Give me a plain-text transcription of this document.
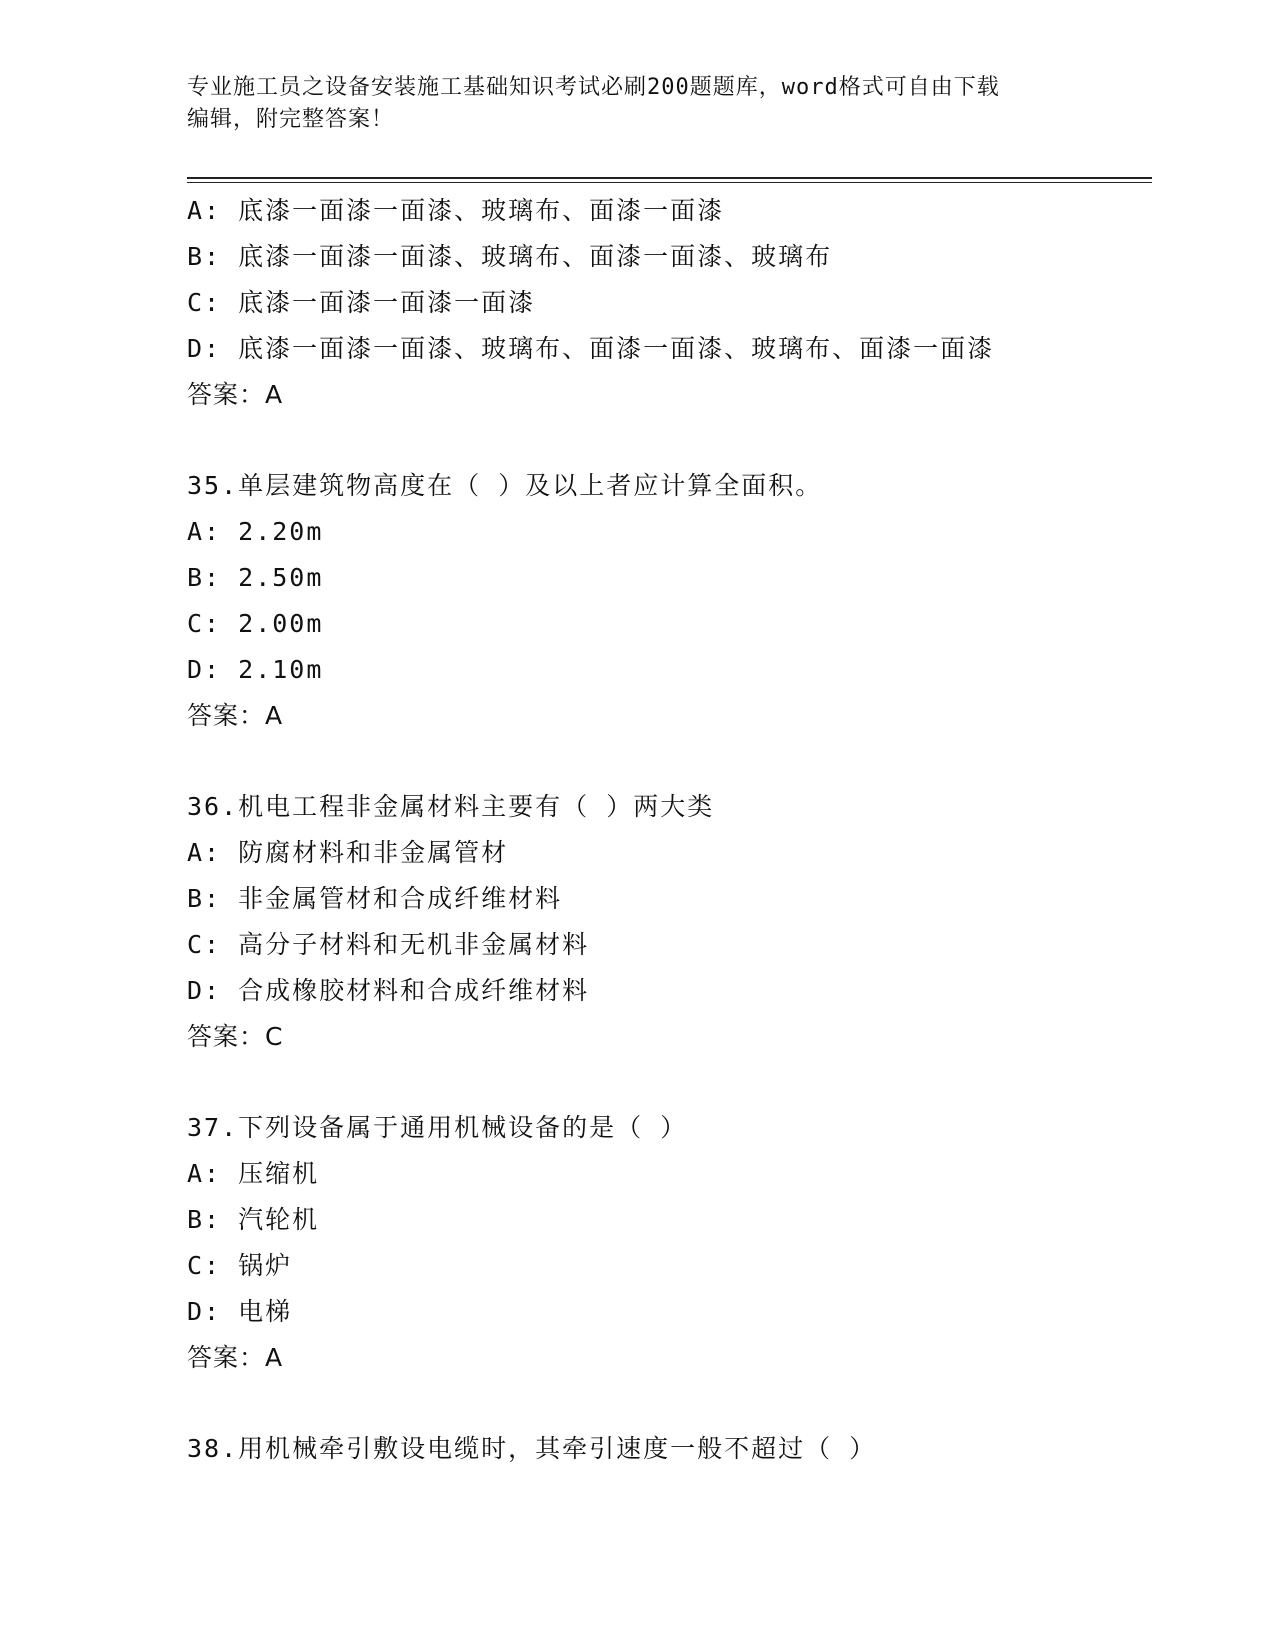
专业施工员之设备安装施工基础知识考试必刷200题题库，word格式可自由下载
编辑，附完整答案！
A: 底漆一面漆一面漆、玻璃布、面漆一面漆
B: 底漆一面漆一面漆、玻璃布、面漆一面漆、玻璃布
C: 底漆一面漆一面漆一面漆
D: 底漆一面漆一面漆、玻璃布、面漆一面漆、玻璃布、面漆一面漆
答案：A
35.单层建筑物高度在（ ）及以上者应计算全面积。
A: 2.20m
B: 2.50m
C: 2.00m
D: 2.10m
答案：A
36.机电工程非金属材料主要有（ ）两大类
A: 防腐材料和非金属管材
B: 非金属管材和合成纤维材料
C: 高分子材料和无机非金属材料
D: 合成橡胶材料和合成纤维材料
答案：C
37.下列设备属于通用机械设备的是（ ）
A: 压缩机
B: 汽轮机
C: 锅炉
D: 电梯
答案：A
38.用机械牵引敷设电缆时，其牵引速度一般不超过（ ）
